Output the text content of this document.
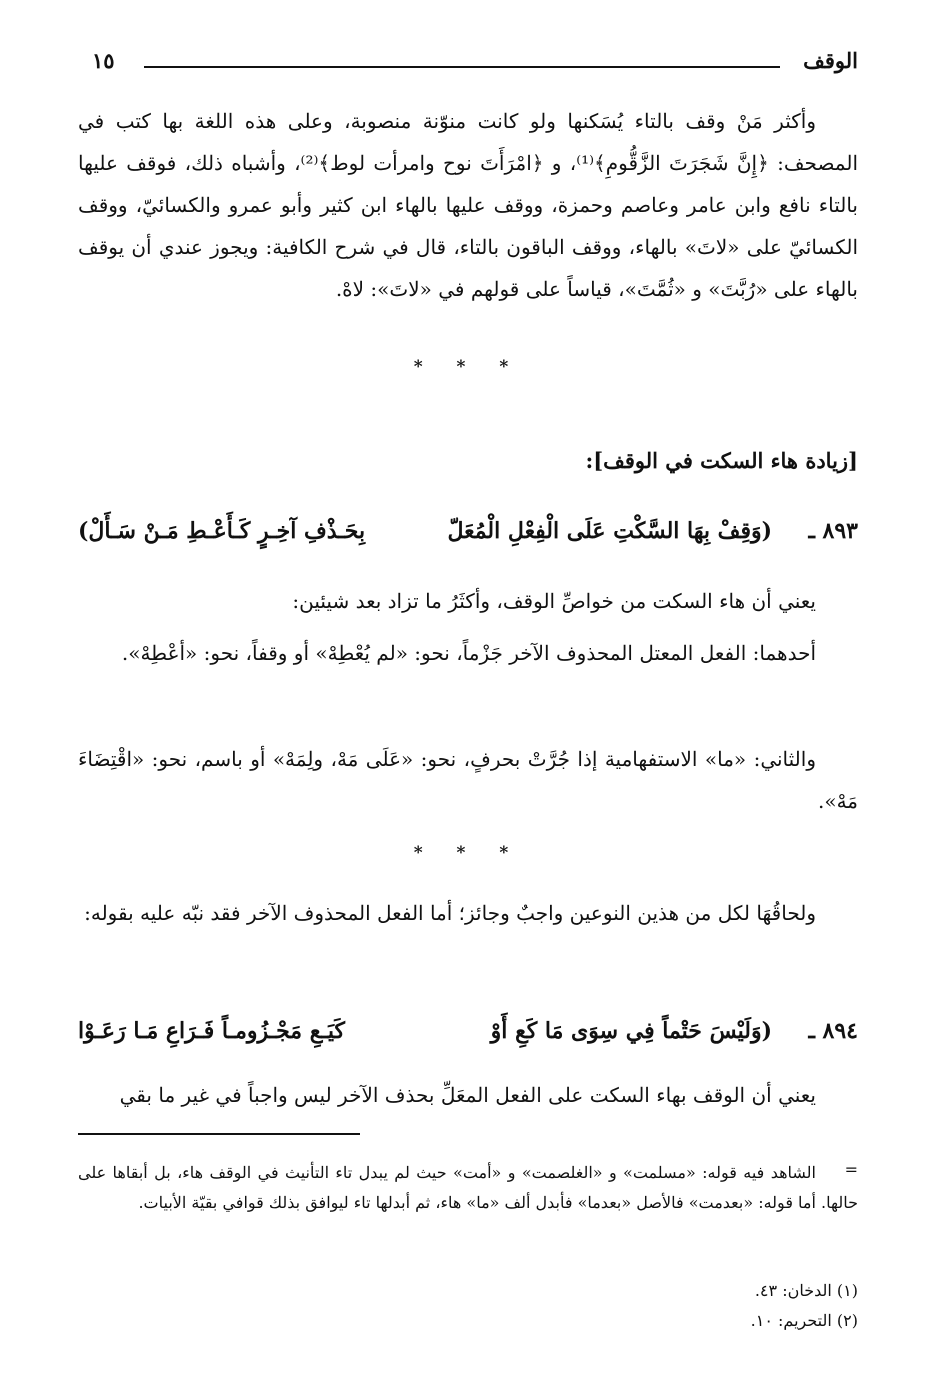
الوقف
١٥

وأكثر مَنْ وقف بالتاء يُسَكنها ولو كانت منوّنة منصوبة، وعلى هذه اللغة بها كتب في المصحف: ﴿إِنَّ شَجَرَتَ الزَّقُّومِ﴾⁽¹⁾، و ﴿امْرَأَتَ نوح وامرأت لوط﴾⁽²⁾، وأشباه ذلك، فوقف عليها بالتاء نافع وابن عامر وعاصم وحمزة، ووقف عليها بالهاء ابن كثير وأبو عمرو والكسائيّ، ووقف الكسائيّ على «لاتَ» بالهاء، ووقف الباقون بالتاء، قال في شرح الكافية: ويجوز عندي أن يوقف بالهاء على «رُبَّتَ» و «ثُمَّتَ»، قياساً على قولهم في «لاتَ»: لاهْ.

* * *
[زيادة هاء السكت في الوقف]:
٨٩٣ ـ
(وَقِفْ بِهَا السَّكْتِ عَلَى الْفِعْلِ الْمُعَلّ
بِحَـذْفِ آخِـرٍ كَـأَعْـطِ مَـنْ سَـأَلْ)

يعني أن هاء السكت من خواصِّ الوقف، وأكثَرُ ما تزاد بعد شيئين:

أحدهما: الفعل المعتل المحذوف الآخر جَزْماً، نحو: «لم يُعْطِهْ» أو وقفاً، نحو: «أعْطِهْ».

والثاني: «ما» الاستفهامية إذا جُرَّتْ بحرفٍ، نحو: «عَلَى مَهْ، ولِمَهْ» أو باسم، نحو: «اقْتِضَاءَ مَهْ».

* * *

ولحاقُهَا لكل من هذين النوعين واجبٌ وجائز؛ أما الفعل المحذوف الآخر فقد نبّه عليه بقوله:

٨٩٤ ـ
(وَلَيْسَ حَتْماً فِي سِوَى مَا كَعِ أَوْ
كَيَـعِ مَجْـزُومـاً فَـرَاعِ مَـا رَعَـوْا

يعني أن الوقف بهاء السكت على الفعل المعَلِّ بحذف الآخر ليس واجباً في غير ما بقي

=

الشاهد فيه قوله: «مسلمت» و «الغلصمت» و «أمت» حيث لم يبدل تاء التأنيث في الوقف هاء، بل أبقاها على حالها. أما قوله: «بعدمت» فالأصل «بعدما» فأبدل ألف «ما» هاء، ثم أبدلها تاء ليوافق بذلك قوافي بقيّة الأبيات.

(١) الدخان: ٤٣.

(٢) التحريم: ١٠.
